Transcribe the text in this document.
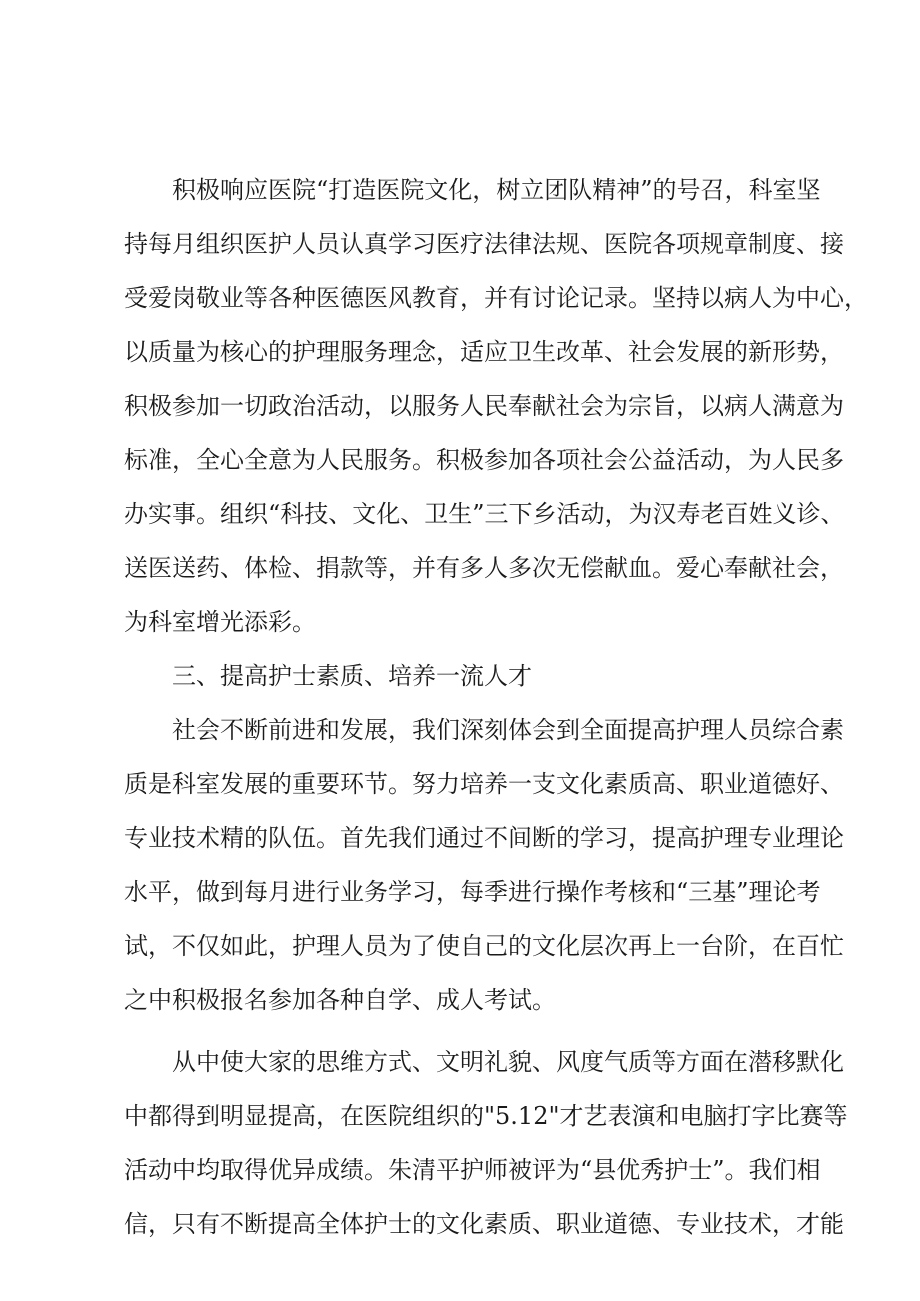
积极响应医院“打造医院文化，树立团队精神”的号召，科室坚
持每月组织医护人员认真学习医疗法律法规、医院各项规章制度、接
受爱岗敬业等各种医德医风教育，并有讨论记录。坚持以病人为中心，
以质量为核心的护理服务理念，适应卫生改革、社会发展的新形势，
积极参加一切政治活动，以服务人民奉献社会为宗旨，以病人满意为
标准，全心全意为人民服务。积极参加各项社会公益活动，为人民多
办实事。组织“科技、文化、卫生”三下乡活动，为汉寿老百姓义诊、
送医送药、体检、捐款等，并有多人多次无偿献血。爱心奉献社会，
为科室增光添彩。
三、提高护士素质、培养一流人才
社会不断前进和发展，我们深刻体会到全面提高护理人员综合素
质是科室发展的重要环节。努力培养一支文化素质高、职业道德好、
专业技术精的队伍。首先我们通过不间断的学习，提高护理专业理论
水平，做到每月进行业务学习，每季进行操作考核和“三基”理论考
试，不仅如此，护理人员为了使自己的文化层次再上一台阶，在百忙
之中积极报名参加各种自学、成人考试。
从中使大家的思维方式、文明礼貌、风度气质等方面在潜移默化
中都得到明显提高，在医院组织的"5.12"才艺表演和电脑打字比赛等
活动中均取得优异成绩。朱清平护师被评为“县优秀护士”。我们相
信，只有不断提高全体护士的文化素质、职业道德、专业技术，才能
